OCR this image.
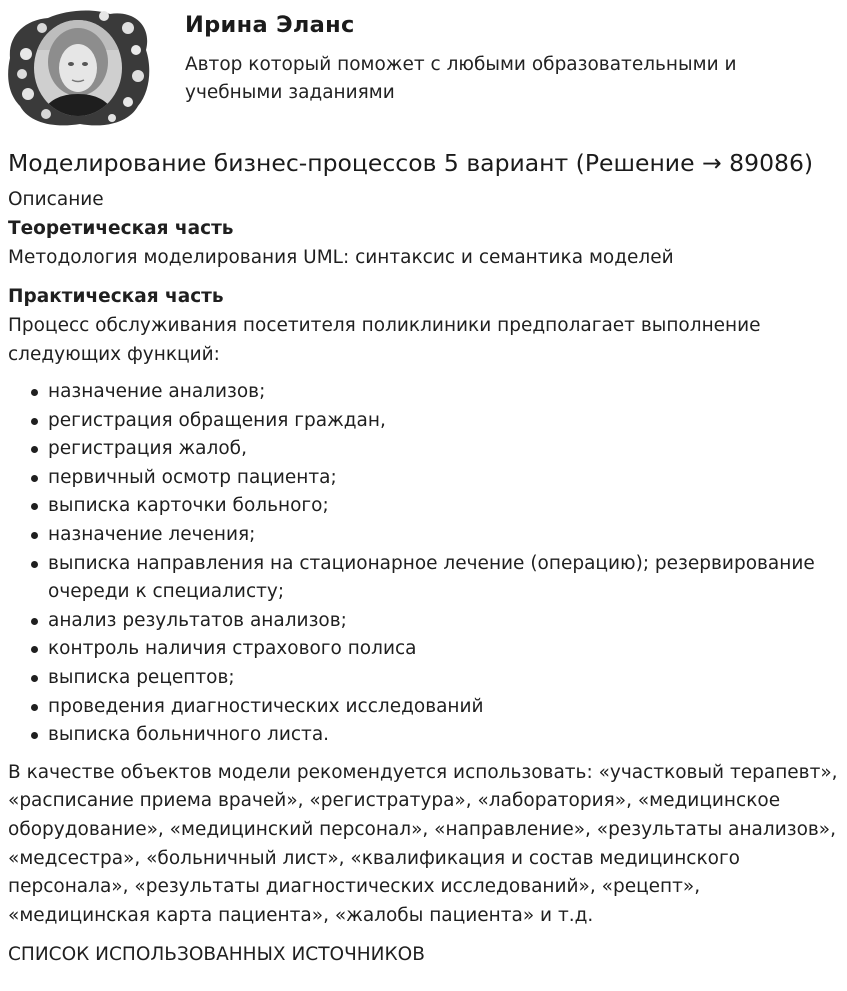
Ирина Эланс
Автор который поможет с любыми образовательными и учебными заданиями
Моделирование бизнес-процессов 5 вариант (Решение → 89086)
Описание
Теоретическая часть
Методология моделирования UML: синтаксис и семантика моделей
Практическая часть
Процесс обслуживания посетителя поликлиники предполагает выполнение следующих функций:
назначение анализов;
регистрация обращения граждан,
регистрация жалоб,
первичный осмотр пациента;
выписка карточки больного;
назначение лечения;
выписка направления на стационарное лечение (операцию); резервирование очереди к специалисту;
анализ результатов анализов;
контроль наличия страхового полиса
выписка рецептов;
проведения диагностических исследований
выписка больничного листа.

В качестве объектов модели рекомендуется использовать: «участковый терапевт», «расписание приема врачей», «регистратура», «лаборатория», «медицинское оборудование», «медицинский персонал», «направление», «результаты анализов», «медсестра», «больничный лист», «квалификация и состав медицинского персонала», «результаты диагностических исследований», «рецепт», «медицинская карта пациента», «жалобы пациента» и т.д.

СПИСОК ИСПОЛЬЗОВАННЫХ ИСТОЧНИКОВ
